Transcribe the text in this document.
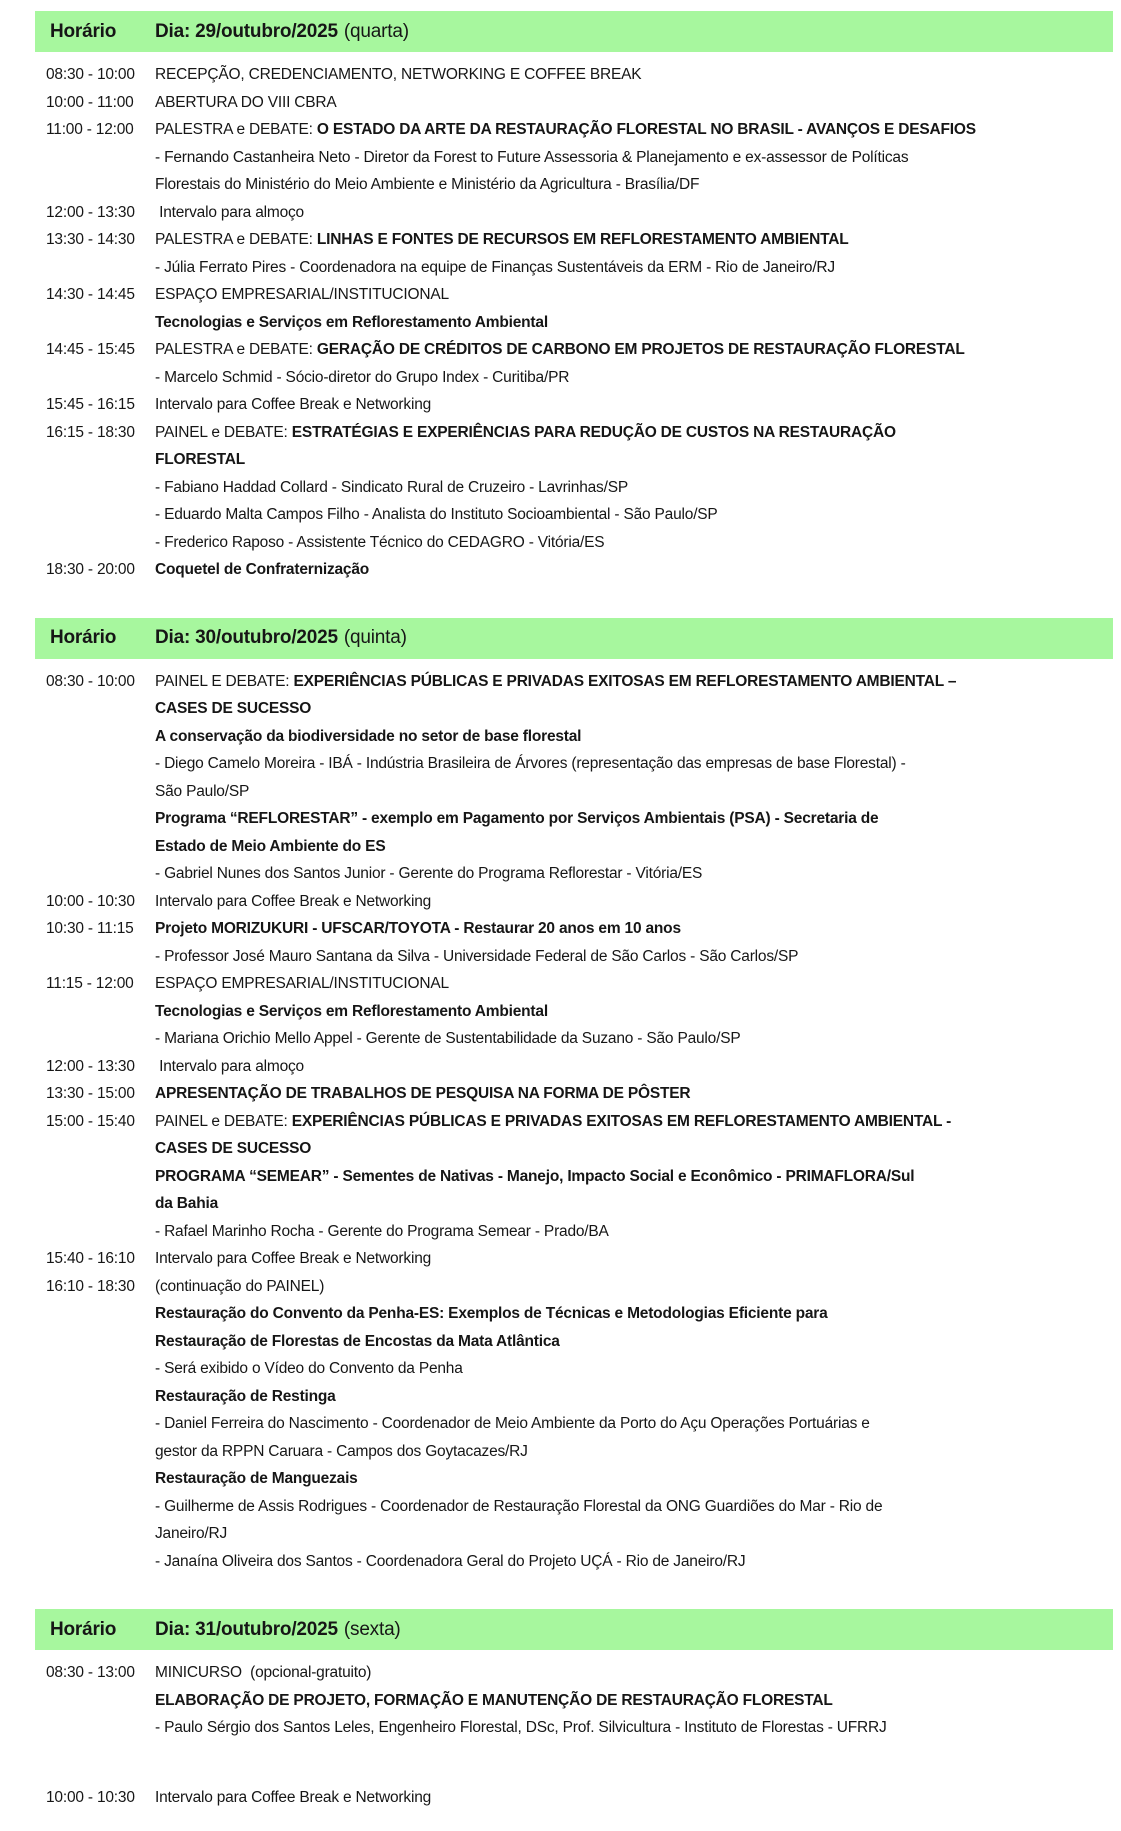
Horário	Dia: 29/outubro/2025 (quarta)
08:30 - 10:00	RECEPÇÃO, CREDENCIAMENTO, NETWORKING E COFFEE BREAK
10:00 - 11:00	ABERTURA DO VIII CBRA
11:00 - 12:00	PALESTRA e DEBATE: O ESTADO DA ARTE DA RESTAURAÇÃO FLORESTAL NO BRASIL - AVANÇOS E DESAFIOS
- Fernando Castanheira Neto - Diretor da Forest to Future Assessoria & Planejamento e ex-assessor de Políticas
Florestais do Ministério do Meio Ambiente e Ministério da Agricultura - Brasília/DF
12:00 - 13:30	Intervalo para almoço
13:30 - 14:30	PALESTRA e DEBATE: LINHAS E FONTES DE RECURSOS EM REFLORESTAMENTO AMBIENTAL
- Júlia Ferrato Pires - Coordenadora na equipe de Finanças Sustentáveis da ERM - Rio de Janeiro/RJ
14:30 - 14:45	ESPAÇO EMPRESARIAL/INSTITUCIONAL
Tecnologias e Serviços em Reflorestamento Ambiental
14:45 - 15:45	PALESTRA e DEBATE: GERAÇÃO DE CRÉDITOS DE CARBONO EM PROJETOS DE RESTAURAÇÃO FLORESTAL
- Marcelo Schmid - Sócio-diretor do Grupo Index - Curitiba/PR
15:45 - 16:15	Intervalo para Coffee Break e Networking
16:15 - 18:30	PAINEL e DEBATE: ESTRATÉGIAS E EXPERIÊNCIAS PARA REDUÇÃO DE CUSTOS NA RESTAURAÇÃO
FLORESTAL
- Fabiano Haddad Collard - Sindicato Rural de Cruzeiro - Lavrinhas/SP
- Eduardo Malta Campos Filho - Analista do Instituto Socioambiental - São Paulo/SP
- Frederico Raposo - Assistente Técnico do CEDAGRO - Vitória/ES
18:30 - 20:00	Coquetel de Confraternização
Horário	Dia: 30/outubro/2025 (quinta)
08:30 - 10:00	PAINEL E DEBATE: EXPERIÊNCIAS PÚBLICAS E PRIVADAS EXITOSAS EM REFLORESTAMENTO AMBIENTAL –
CASES DE SUCESSO
A conservação da biodiversidade no setor de base florestal
- Diego Camelo Moreira - IBÁ - Indústria Brasileira de Árvores (representação das empresas de base Florestal) -
São Paulo/SP
Programa “REFLORESTAR” - exemplo em Pagamento por Serviços Ambientais (PSA) - Secretaria de
Estado de Meio Ambiente do ES
- Gabriel Nunes dos Santos Junior - Gerente do Programa Reflorestar - Vitória/ES
10:00 - 10:30	Intervalo para Coffee Break e Networking
10:30 - 11:15	Projeto MORIZUKURI - UFSCAR/TOYOTA - Restaurar 20 anos em 10 anos
- Professor José Mauro Santana da Silva - Universidade Federal de São Carlos - São Carlos/SP
11:15 - 12:00	ESPAÇO EMPRESARIAL/INSTITUCIONAL
Tecnologias e Serviços em Reflorestamento Ambiental
- Mariana Orichio Mello Appel - Gerente de Sustentabilidade da Suzano - São Paulo/SP
12:00 - 13:30	Intervalo para almoço
13:30 - 15:00	APRESENTAÇÃO DE TRABALHOS DE PESQUISA NA FORMA DE PÔSTER
15:00 - 15:40	PAINEL e DEBATE: EXPERIÊNCIAS PÚBLICAS E PRIVADAS EXITOSAS EM REFLORESTAMENTO AMBIENTAL -
CASES DE SUCESSO
PROGRAMA “SEMEAR” - Sementes de Nativas - Manejo, Impacto Social e Econômico - PRIMAFLORA/Sul
da Bahia
- Rafael Marinho Rocha - Gerente do Programa Semear - Prado/BA
15:40 - 16:10	Intervalo para Coffee Break e Networking
16:10 - 18:30	(continuação do PAINEL)
Restauração do Convento da Penha-ES: Exemplos de Técnicas e Metodologias Eficiente para
Restauração de Florestas de Encostas da Mata Atlântica
- Será exibido o Vídeo do Convento da Penha
Restauração de Restinga
- Daniel Ferreira do Nascimento - Coordenador de Meio Ambiente da Porto do Açu Operações Portuárias e
gestor da RPPN Caruara - Campos dos Goytacazes/RJ
Restauração de Manguezais
- Guilherme de Assis Rodrigues - Coordenador de Restauração Florestal da ONG Guardiões do Mar - Rio de
Janeiro/RJ
- Janaína Oliveira dos Santos - Coordenadora Geral do Projeto UÇÁ - Rio de Janeiro/RJ
Horário	Dia: 31/outubro/2025 (sexta)
08:30 - 13:00	MINICURSO  (opcional-gratuito)
ELABORAÇÃO DE PROJETO, FORMAÇÃO E MANUTENÇÃO DE RESTAURAÇÃO FLORESTAL
- Paulo Sérgio dos Santos Leles, Engenheiro Florestal, DSc, Prof. Silvicultura - Instituto de Florestas - UFRRJ
10:00 - 10:30	Intervalo para Coffee Break e Networking
